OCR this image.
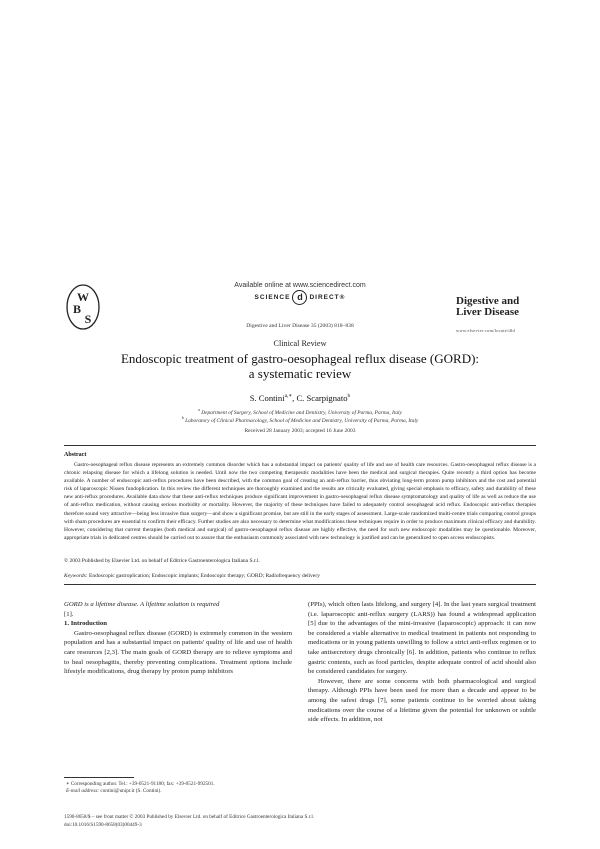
W
B
S
Available online at www.sciencedirect.com
SCIENCE d DIRECT®
Digestive and Liver Disease 35 (2003) 818–838
Digestive and
Liver Disease
www.elsevier.com/locate/dld
Clinical Review
Endoscopic treatment of gastro-oesophageal reflux disease (GORD):
a systematic review
S. Contini$^{a,∗}$, C. Scarpignato$^b$
$^a$ Department of Surgery, School of Medicine and Dentistry, University of Parma, Parma, Italy
$^b$ Laboratory of Clinical Pharmacology, School of Medicine and Dentistry, University of Parma, Parma, Italy
Received 28 January 2003; accepted 16 June 2003
Abstract
Gastro-oesophageal reflux disease represents an extremely common disorder which has a substantial impact on patients' quality of life and use of health care resources. Gastro-oesophageal reflux disease is a chronic relapsing disease for which a lifelong solution is needed. Until now the two competing therapeutic modalities have been the medical and surgical therapies. Quite recently a third option has become available. A number of endoscopic anti-reflux procedures have been described, with the common goal of creating an anti-reflux barrier, thus obviating long-term proton pump inhibitors and the cost and potential risk of laparoscopic Nissen fundoplication. In this review the different techniques are thoroughly examined and the results are critically evaluated, giving special emphasis to efficacy, safety and durability of these new anti-reflux procedures. Available data show that these anti-reflux techniques produce significant improvement in gastro-oesophageal reflux disease symptomatology and quality of life as well as reduce the use of anti-reflux medication, without causing serious morbidity or mortality. However, the majority of these techniques have failed to adequately control oesophageal acid reflux. Endoscopic anti-reflux therapies therefore sound very attractive—being less invasive than surgery—and show a significant promise, but are still in the early stages of assessment. Large-scale randomized multi-centre trials comparing control groups with sham procedures are essential to confirm their efficacy. Further studies are also necessary to determine what modifications these techniques require in order to produce maximum clinical efficacy and durability. However, considering that current therapies (both medical and surgical) of gastro-oesophageal reflux disease are highly effective, the need for such new endoscopic modalities may be questionable. Moreover, appropriate trials in dedicated centres should be carried out to assure that the enthusiasm commonly associated with new technology is justified and can be generalized to open access endoscopists.
© 2003 Published by Elsevier Ltd. on behalf of Editrice Gastroenterologica Italiana S.r.l.
Keywords: Endoscopic gastroplication; Endoscopic implants; Endoscopic therapy; GORD; Radiofrequency delivery

GORD is a lifetime disease. A lifetime solution is required

[1].

1. Introduction

Gastro-oesophageal reflux disease (GORD) is extremely common in the western population and has a substantial impact on patients' quality of life and use of health care resources [2,3]. The main goals of GORD therapy are to relieve symptoms and to heal oesophagitis, thereby preventing complications. Treatment options include lifestyle modifications, drug therapy by proton pump inhibitors

(PPIs), which often lasts lifelong, and surgery [4]. In the last years surgical treatment (i.e. laparoscopic anti-reflux surgery (LARS)) has found a widespread application [5] due to the advantages of the mini-invasive (laparoscopic) approach: it can now be considered a viable alternative to medical treatment in patients not responding to medications or in young patients unwilling to follow a strict anti-reflux regimen or to take antisecretory drugs chronically [6]. In addition, patients who continue to reflux gastric contents, such as food particles, despite adequate control of acid should also be considered candidates for surgery.

However, there are some concerns with both pharmacological and surgical therapy. Although PPIs have been used for more than a decade and appear to be among the safest drugs [7], some patients continue to be worried about taking medications over the course of a lifetime given the potential for unknown or subtle side effects. In addition, not

∗ Corresponding author. Tel.: +39-0521-91180; fax: +39-0521-992501.
E-mail address: contini@unipr.it (S. Contini).
1590-8658/$ – see front matter © 2003 Published by Elsevier Ltd. on behalf of Editrice Gastroenterologica Italiana S.r.l.
doi:10.1016/S1590-8658(03)00449-3
